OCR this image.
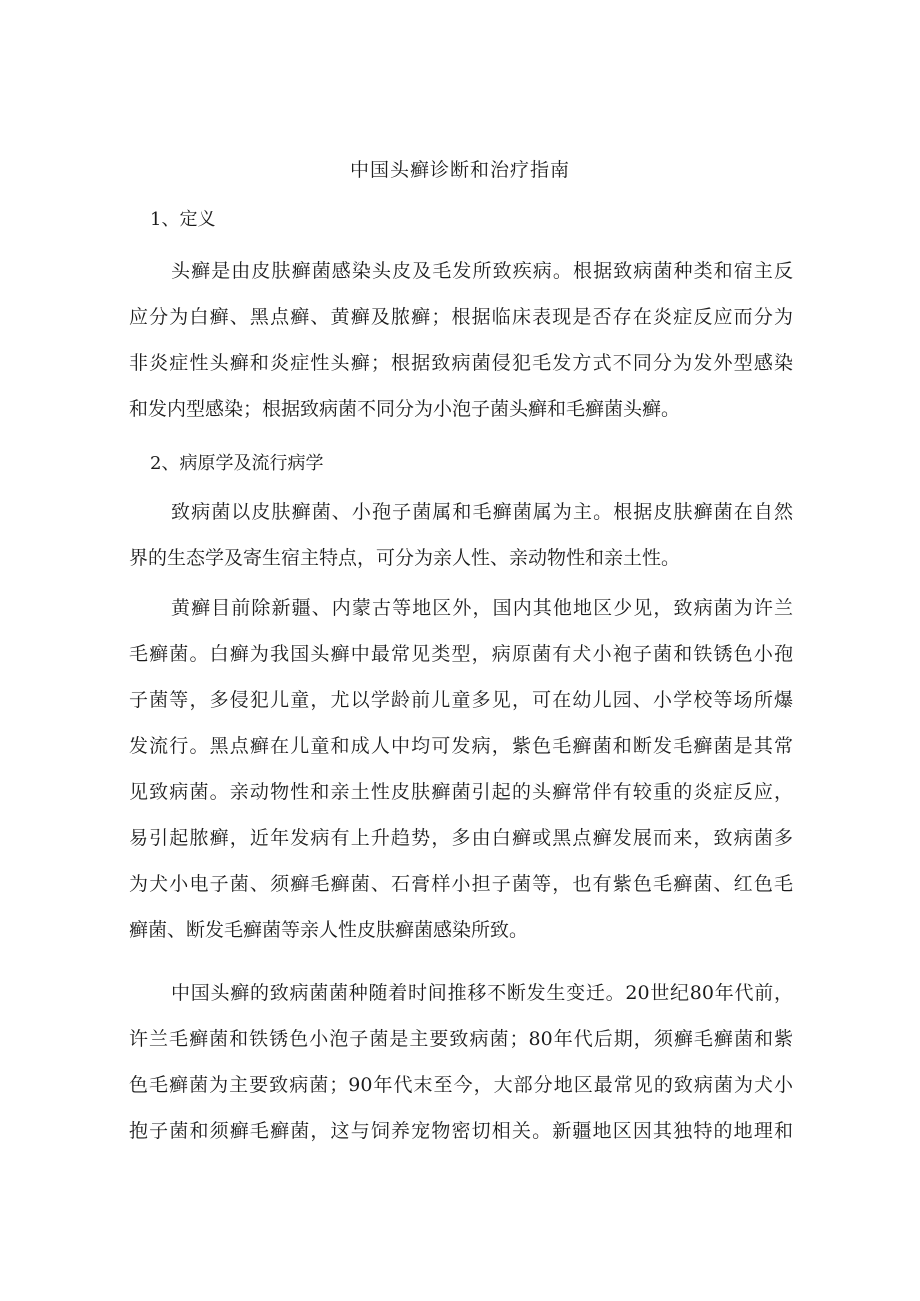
中国头癣诊断和治疗指南
1、定义
头癣是由皮肤癣菌感染头皮及毛发所致疾病。根据致病菌种类和宿主反
应分为白癣、黑点癣、黄癣及脓癣；根据临床表现是否存在炎症反应而分为
非炎症性头癣和炎症性头癣；根据致病菌侵犯毛发方式不同分为发外型感染
和发内型感染；根据致病菌不同分为小泡子菌头癣和毛癣菌头癣。
2、病原学及流行病学
致病菌以皮肤癣菌、小孢子菌属和毛癣菌属为主。根据皮肤癣菌在自然
界的生态学及寄生宿主特点，可分为亲人性、亲动物性和亲土性。
黄癣目前除新疆、内蒙古等地区外，国内其他地区少见，致病菌为许兰
毛癣菌。白癣为我国头癣中最常见类型，病原菌有犬小袍子菌和铁锈色小孢
子菌等，多侵犯儿童，尤以学龄前儿童多见，可在幼儿园、小学校等场所爆
发流行。黑点癣在儿童和成人中均可发病，紫色毛癣菌和断发毛癣菌是其常
见致病菌。亲动物性和亲土性皮肤癣菌引起的头癣常伴有较重的炎症反应，
易引起脓癣，近年发病有上升趋势，多由白癣或黑点癣发展而来，致病菌多
为犬小电子菌、须癣毛癣菌、石膏样小担子菌等，也有紫色毛癣菌、红色毛
癣菌、断发毛癣菌等亲人性皮肤癣菌感染所致。
中国头癣的致病菌菌种随着时间推移不断发生变迁。20世纪80年代前，
许兰毛癣菌和铁锈色小泡子菌是主要致病菌；80年代后期，须癣毛癣菌和紫
色毛癣菌为主要致病菌；90年代末至今，大部分地区最常见的致病菌为犬小
抱子菌和须癣毛癣菌，这与饲养宠物密切相关。新疆地区因其独特的地理和
